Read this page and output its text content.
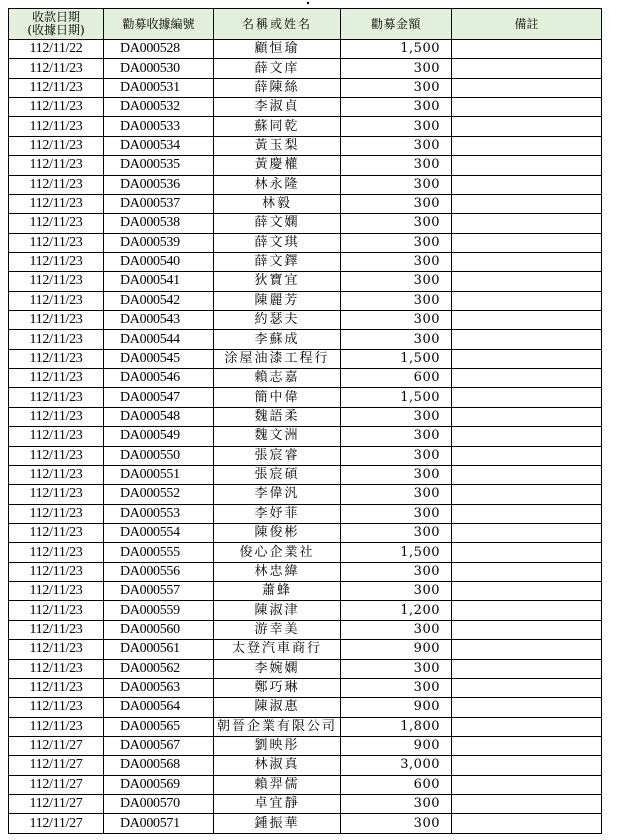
收款日期
(收據日期)	勸募收據編號	名稱或姓名	勸募金額	備註
112/11/22	DA000528	顧恒瑜	1,500	
112/11/23	DA000530	薛文庠	300	
112/11/23	DA000531	薛陳絲	300	
112/11/23	DA000532	李淑貞	300	
112/11/23	DA000533	蘇同乾	300	
112/11/23	DA000534	黃玉梨	300	
112/11/23	DA000535	黃慶權	300	
112/11/23	DA000536	林永隆	300	
112/11/23	DA000537	林毅	300	
112/11/23	DA000538	薛文嫻	300	
112/11/23	DA000539	薛文琪	300	
112/11/23	DA000540	薛文鐸	300	
112/11/23	DA000541	狄寶宜	300	
112/11/23	DA000542	陳麗芳	300	
112/11/23	DA000543	約瑟夫	300	
112/11/23	DA000544	李蘇成	300	
112/11/23	DA000545	涂屋油漆工程行	1,500	
112/11/23	DA000546	賴志嘉	600	
112/11/23	DA000547	簡中偉	1,500	
112/11/23	DA000548	魏語柔	300	
112/11/23	DA000549	魏文洲	300	
112/11/23	DA000550	張宸睿	300	
112/11/23	DA000551	張宸碩	300	
112/11/23	DA000552	李偉汎	300	
112/11/23	DA000553	李妤菲	300	
112/11/23	DA000554	陳俊彬	300	
112/11/23	DA000555	俊心企業社	1,500	
112/11/23	DA000556	林忠緯	300	
112/11/23	DA000557	蕭蜂	300	
112/11/23	DA000559	陳淑津	1,200	
112/11/23	DA000560	游幸美	300	
112/11/23	DA000561	太登汽車商行	900	
112/11/23	DA000562	李婉嫻	300	
112/11/23	DA000563	鄭巧琳	300	
112/11/23	DA000564	陳淑惠	900	
112/11/23	DA000565	朝晉企業有限公司	1,800	
112/11/27	DA000567	劉映彤	900	
112/11/27	DA000568	林淑真	3,000	
112/11/27	DA000569	賴羿儒	600	
112/11/27	DA000570	卓宜靜	300	
112/11/27	DA000571	鍾振華	300	
